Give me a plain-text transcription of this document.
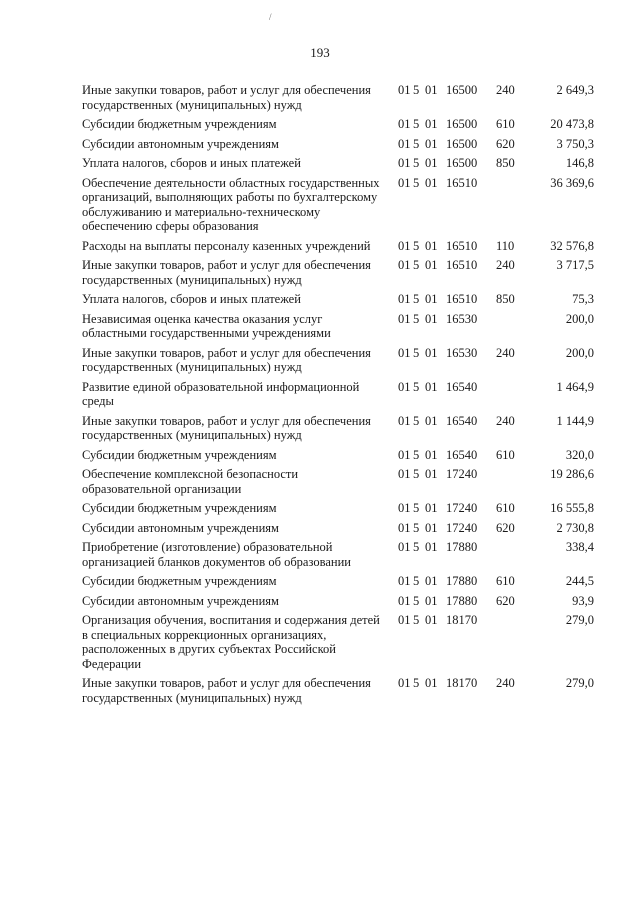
/
193
Иные закупки товаров, работ и услуг для обеспечения государственных (муниципальных) нужд
01 5 01 16500 240	2 649,3
Субсидии бюджетным учреждениям	01 5 01 16500 610	20 473,8
Субсидии автономным учреждениям	01 5 01 16500 620	3 750,3
Уплата налогов, сборов и иных платежей	01 5 01 16500 850	146,8
Обеспечение деятельности областных государственных организаций, выполняющих работы по бухгалтерскому обслуживанию и материально-техническому обеспечению сферы образования
01 5 01 16510	36 369,6
Расходы на выплаты персоналу казенных учреждений	01 5 01 16510 110	32 576,8
Иные закупки товаров, работ и услуг для обеспечения государственных (муниципальных) нужд
01 5 01 16510 240	3 717,5
Уплата налогов, сборов и иных платежей	01 5 01 16510 850	75,3
Независимая оценка качества оказания услуг областными государственными учреждениями
01 5 01 16530	200,0
Иные закупки товаров, работ и услуг для обеспечения государственных (муниципальных) нужд
01 5 01 16530 240	200,0
Развитие единой образовательной информационной среды
01 5 01 16540	1 464,9
Иные закупки товаров, работ и услуг для обеспечения государственных (муниципальных) нужд
01 5 01 16540 240	1 144,9
Субсидии бюджетным учреждениям	01 5 01 16540 610	320,0
Обеспечение комплексной безопасности образовательной организации
01 5 01 17240	19 286,6
Субсидии бюджетным учреждениям	01 5 01 17240 610	16 555,8
Субсидии автономным учреждениям	01 5 01 17240 620	2 730,8
Приобретение (изготовление) образовательной организацией бланков документов об образовании
01 5 01 17880	338,4
Субсидии бюджетным учреждениям	01 5 01 17880 610	244,5
Субсидии автономным учреждениям	01 5 01 17880 620	93,9
Организация обучения, воспитания и содержания детей в специальных коррекционных организациях, расположенных в других субъектах Российской Федерации
01 5 01 18170	279,0
Иные закупки товаров, работ и услуг для обеспечения государственных (муниципальных) нужд
01 5 01 18170 240	279,0
